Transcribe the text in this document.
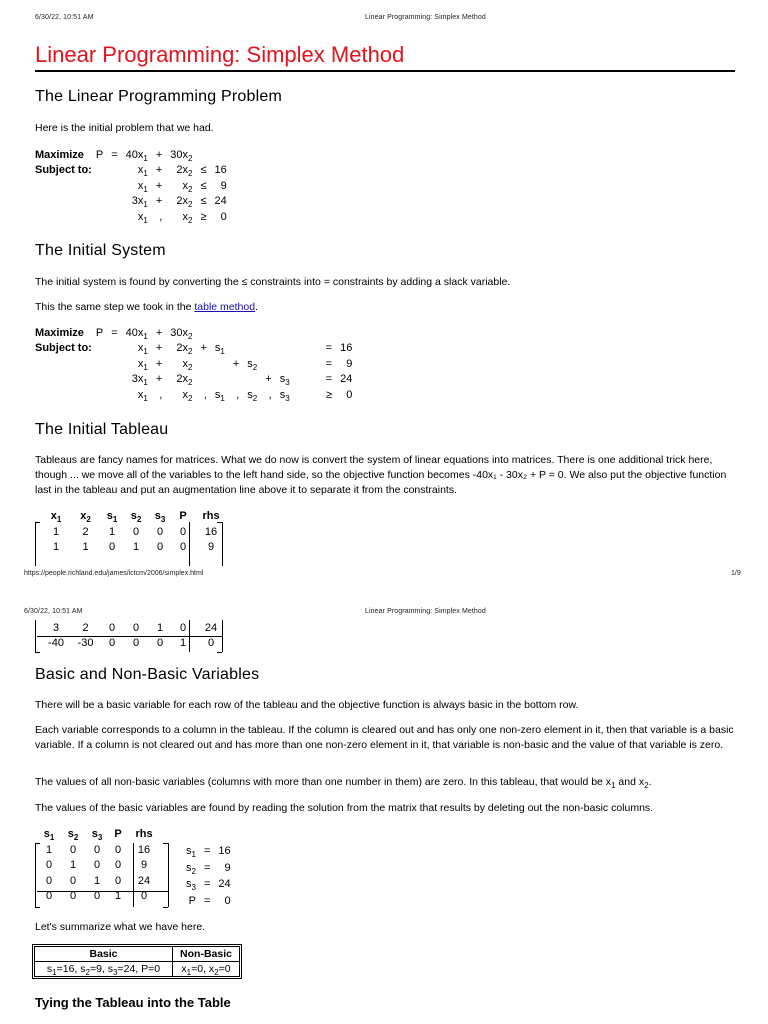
6/30/22, 10:51 AM	Linear Programming: Simplex Method
Linear Programming: Simplex Method
The Linear Programming Problem

Here is the initial problem that we had.

Maximize	P	=	$40x_1$	+	$30x_2$		
Subject to:			$x_1$	+	$2x_2$	≤	16
			$x_1$	+	$x_2$	≤	9
			$3x_1$	+	$2x_2$	≤	24
			$x_1$	,	$x_2$	≥	0
The Initial System

The initial system is found by converting the ≤ constraints into = constraints by adding a slack variable.

This the same step we took in the table method.

Maximize	P	=	$40x_1$	+	$30x_2$									
Subject to:			$x_1$	+	$2x_2$	+	$s_1$						=	16
			$x_1$	+	$x_2$			+	$s_2$				=	9
			$3x_1$	+	$2x_2$					+	$s_3$		=	24
			$x_1$	,	$x_2$	,	$s_1$	,	$s_2$	,	$s_3$		≥	0
The Initial Tableau

Tableaus are fancy names for matrices. What we do now is convert the system of linear equations into matrices. There is one additional trick here, though ... we move all of the variables to the left hand side, so the objective function becomes -40x₁ - 30x₂ + P = 0. We also put the objective function last in the tableau and put an augmentation line above it to separate it from the constraints.

$x_1$	$x_2$	$s_1$	$s_2$	$s_3$	P	rhs
1	2	1	0	0	0	16
1	1	0	1	0	0	9
https://people.richland.edu/james/ictcm/2006/simplex.html	1/9
6/30/22, 10:51 AM	Linear Programming: Simplex Method
3	2	0	0	1	0	24
-40	-30	0	0	0	1	0
Basic and Non-Basic Variables

There will be a basic variable for each row of the tableau and the objective function is always basic in the bottom row.

Each variable corresponds to a column in the tableau. If the column is cleared out and has only one non-zero element in it, then that variable is a basic variable. If a column is not cleared out and has more than one non-zero element in it, that variable is non-basic and the value of that variable is zero.

The values of all non-basic variables (columns with more than one number in them) are zero. In this tableau, that would be $x_1$ and $x_2$.

The values of the basic variables are found by reading the solution from the matrix that results by deleting out the non-basic columns.

$s_1$	$s_2$	$s_3$	P	rhs
1	0	0	0	16
0	1	0	0	9
0	0	1	0	24
0	0	0	1	0
$s_1$	=	16
$s_2$	=	9
$s_3$	=	24
P	=	0

Let's summarize what we have here.

Basic	Non-Basic
$s_1=16$, $s_2=9$, $s_3=24$, P=0	$x_1=0$, $x_2=0$
Tying the Tableau into the Table
